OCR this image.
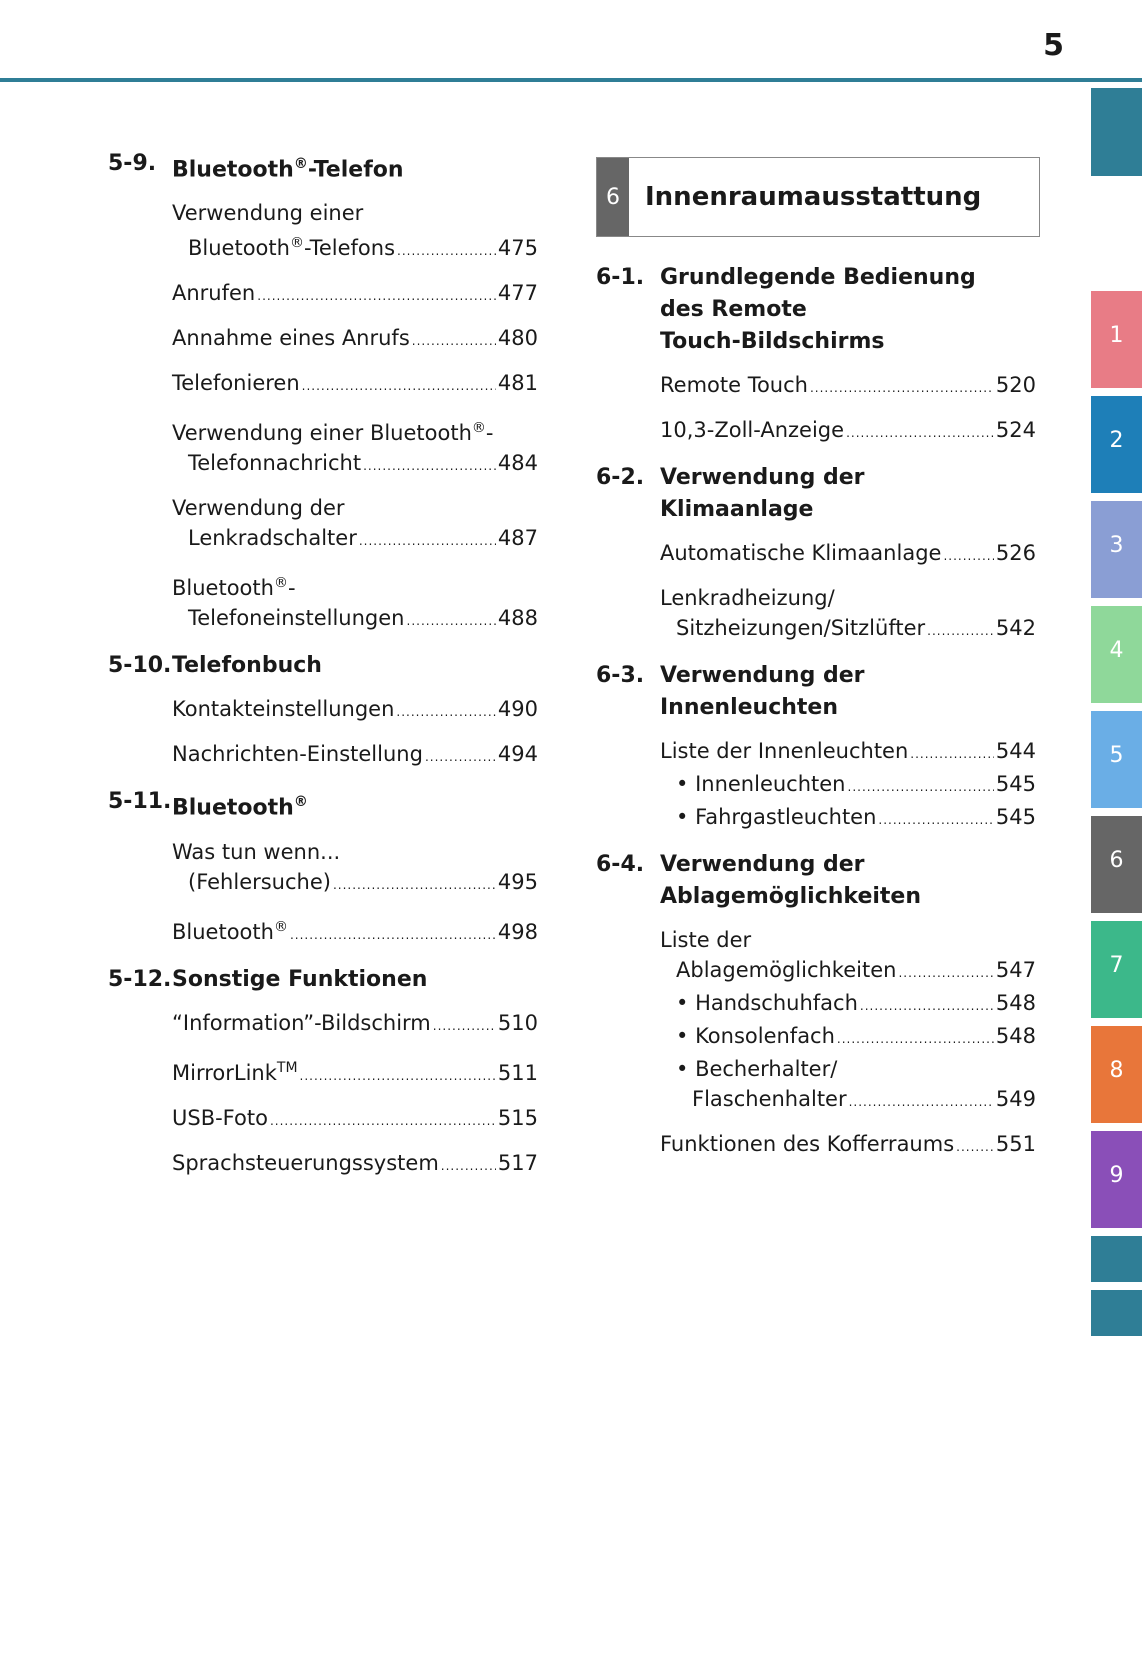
5
1
2
3
4
5
6
7
8
9
5-9. Bluetooth®-Telefon
Verwendung einer
Bluetooth®-Telefons .....	475
Anrufen .....	477
Annahme eines Anrufs .....	480
Telefonieren .....	481
Verwendung einer Bluetooth®-
Telefonnachricht .....	484
Verwendung der
Lenkradschalter .....	487
Bluetooth®-
Telefoneinstellungen .....	488
5-10. Telefonbuch
Kontakteinstellungen .....	490
Nachrichten-Einstellung .....	494
5-11. Bluetooth®
Was tun wenn...
(Fehlersuche) .....	495
Bluetooth® .....	498
5-12. Sonstige Funktionen
“Information”-Bildschirm .....	510
MirrorLink™ .....	511
USB-Foto .....	515
Sprachsteuerungssystem .....	517
6 Innenraumausstattung
6-1. Grundlegende Bedienung
des Remote
Touch-Bildschirms
Remote Touch .....	520
10,3-Zoll-Anzeige .....	524
6-2. Verwendung der
Klimaanlage
Automatische Klimaanlage .....	526
Lenkradheizung/
Sitzheizungen/Sitzlüfter .....	542
6-3. Verwendung der
Innenleuchten
Liste der Innenleuchten .....	544
• Innenleuchten .....	545
• Fahrgastleuchten .....	545
6-4. Verwendung der
Ablagemöglichkeiten
Liste der
Ablagemöglichkeiten .....	547
• Handschuhfach .....	548
• Konsolenfach .....	548
• Becherhalter/
Flaschenhalter .....	549
Funktionen des Kofferraums ..... 551
